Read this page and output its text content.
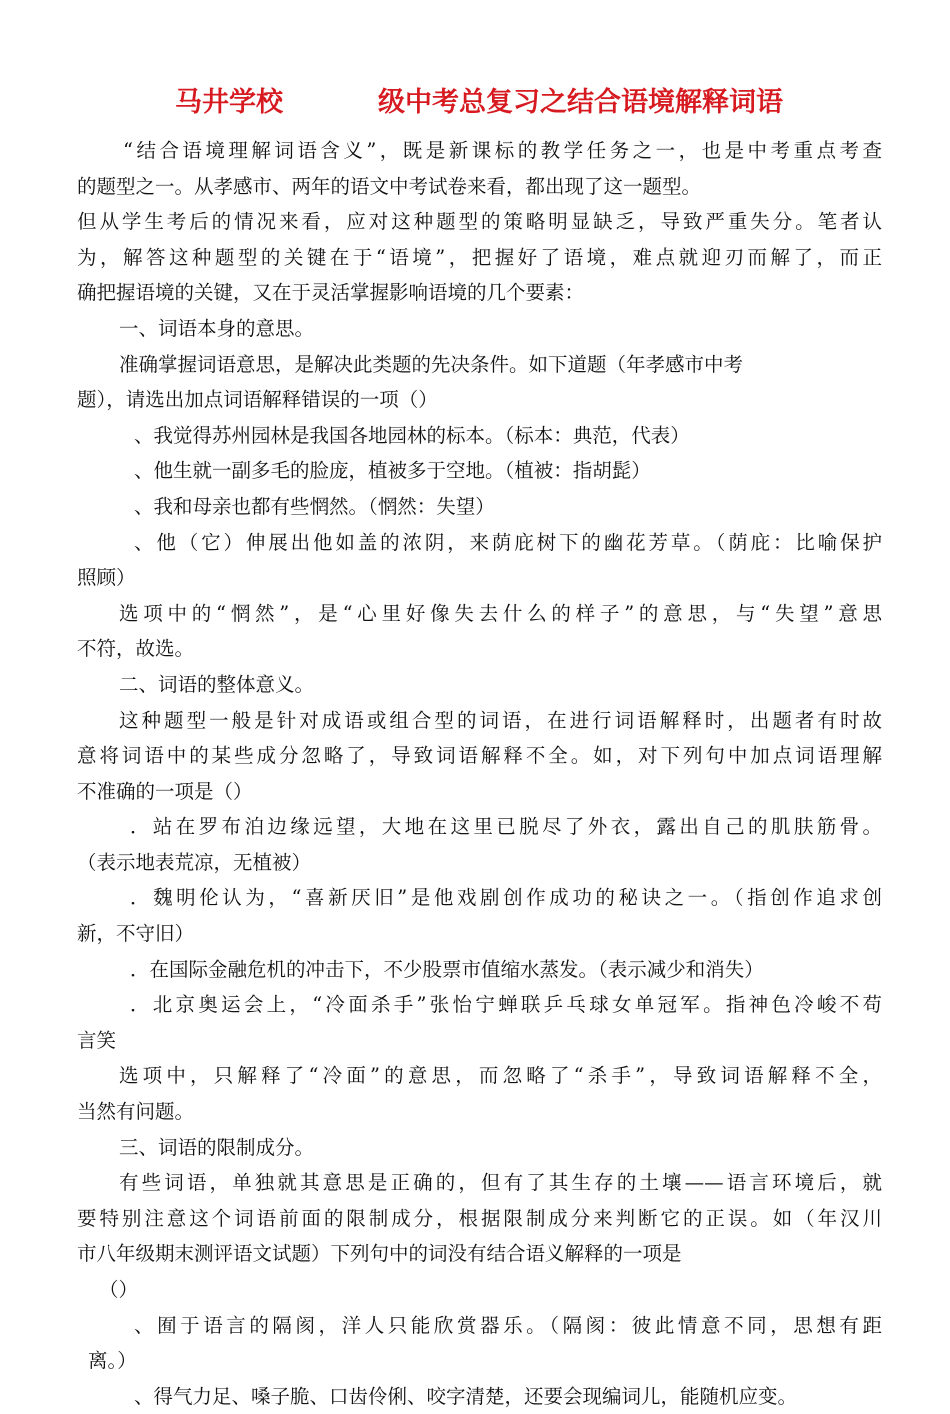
马井学校	级中考总复习之结合语境解释词语
“结合语境理解词语含义”，既是新课标的教学任务之一，也是中考重点考查
的题型之一。从孝感市、两年的语文中考试卷来看，都出现了这一题型。
但从学生考后的情况来看，应对这种题型的策略明显缺乏，导致严重失分。笔者认
为，解答这种题型的关键在于“语境”，把握好了语境，难点就迎刃而解了，而正
确把握语境的关键，又在于灵活掌握影响语境的几个要素：
一、词语本身的意思。
准确掌握词语意思，是解决此类题的先决条件。如下道题（年孝感市中考
题），请选出加点词语解释错误的一项（）
、我觉得苏州园林是我国各地园林的标本。（标本：典范，代表）
、他生就一副多毛的脸庞，植被多于空地。（植被：指胡髭）
、我和母亲也都有些惘然。（惘然：失望）
、他（它）伸展出他如盖的浓阴，来荫庇树下的幽花芳草。（荫庇：比喻保护
照顾）
选项中的“惘然”，是“心里好像失去什么的样子”的意思，与“失望”意思
不符，故选。
二、词语的整体意义。
这种题型一般是针对成语或组合型的词语，在进行词语解释时，出题者有时故
意将词语中的某些成分忽略了，导致词语解释不全。如，对下列句中加点词语理解
不准确的一项是（）
．站在罗布泊边缘远望，大地在这里已脱尽了外衣，露出自己的肌肤筋骨。
（表示地表荒凉，无植被）
．魏明伦认为，“喜新厌旧”是他戏剧创作成功的秘诀之一。（指创作追求创
新，不守旧）
．在国际金融危机的冲击下，不少股票市值缩水蒸发。（表示减少和消失）
．北京奥运会上，“冷面杀手”张怡宁蝉联乒乓球女单冠军。指神色冷峻不苟
言笑
选项中，只解释了“冷面”的意思，而忽略了“杀手”，导致词语解释不全，
当然有问题。
三、词语的限制成分。
有些词语，单独就其意思是正确的，但有了其生存的土壤——语言环境后，就
要特别注意这个词语前面的限制成分，根据限制成分来判断它的正误。如（年汉川
市八年级期末测评语文试题）下列句中的词没有结合语义解释的一项是
（）
、囿于语言的隔阂，洋人只能欣赏器乐。（隔阂：彼此情意不同，思想有距
离。）
、得气力足、嗓子脆、口齿伶俐、咬字清楚，还要会现编词儿，能随机应变。
